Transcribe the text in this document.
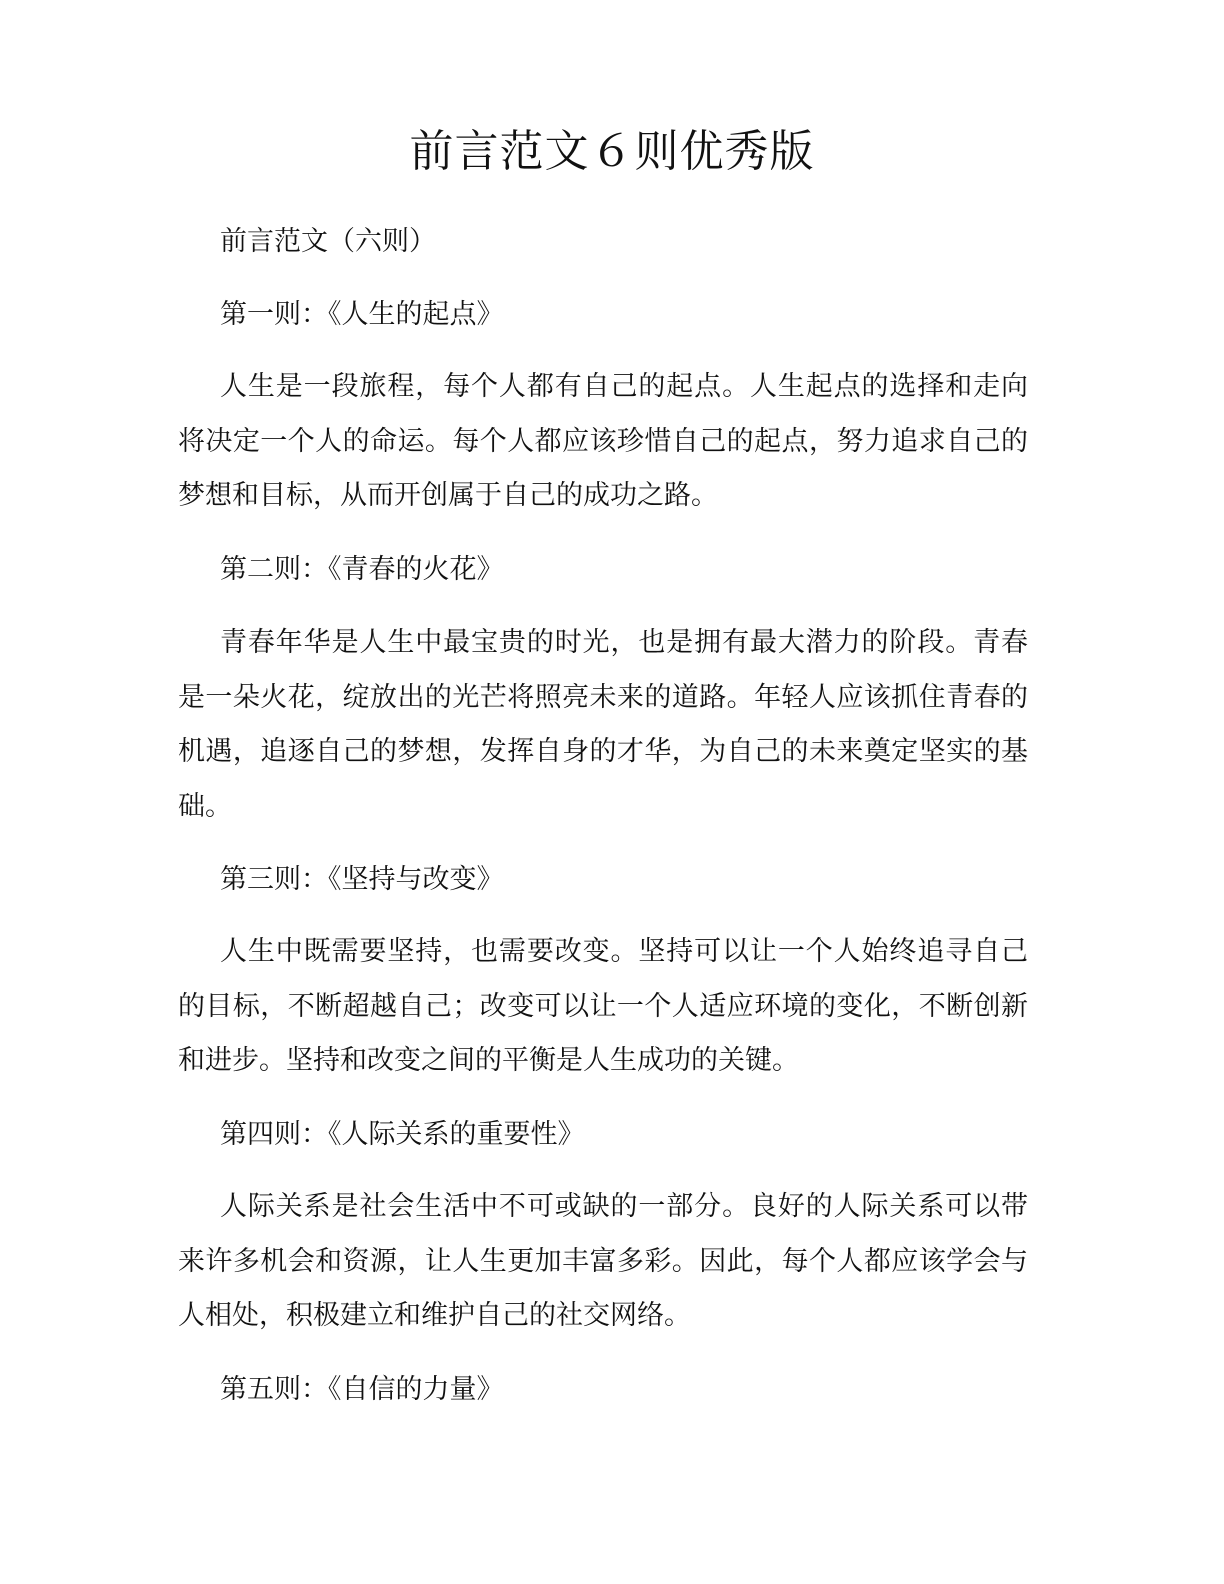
前言范文６则优秀版
前言范文（六则）
第一则：《人生的起点》

人生是一段旅程，每个人都有自己的起点。人生起点的选择和走向将决定一个人的命运。每个人都应该珍惜自己的起点，努力追求自己的梦想和目标，从而开创属于自己的成功之路。

第二则：《青春的火花》

青春年华是人生中最宝贵的时光，也是拥有最大潜力的阶段。青春是一朵火花，绽放出的光芒将照亮未来的道路。年轻人应该抓住青春的机遇，追逐自己的梦想，发挥自身的才华，为自己的未来奠定坚实的基础。

第三则：《坚持与改变》

人生中既需要坚持，也需要改变。坚持可以让一个人始终追寻自己的目标，不断超越自己；改变可以让一个人适应环境的变化，不断创新和进步。坚持和改变之间的平衡是人生成功的关键。

第四则：《人际关系的重要性》

人际关系是社会生活中不可或缺的一部分。良好的人际关系可以带来许多机会和资源，让人生更加丰富多彩。因此，每个人都应该学会与人相处，积极建立和维护自己的社交网络。

第五则：《自信的力量》
